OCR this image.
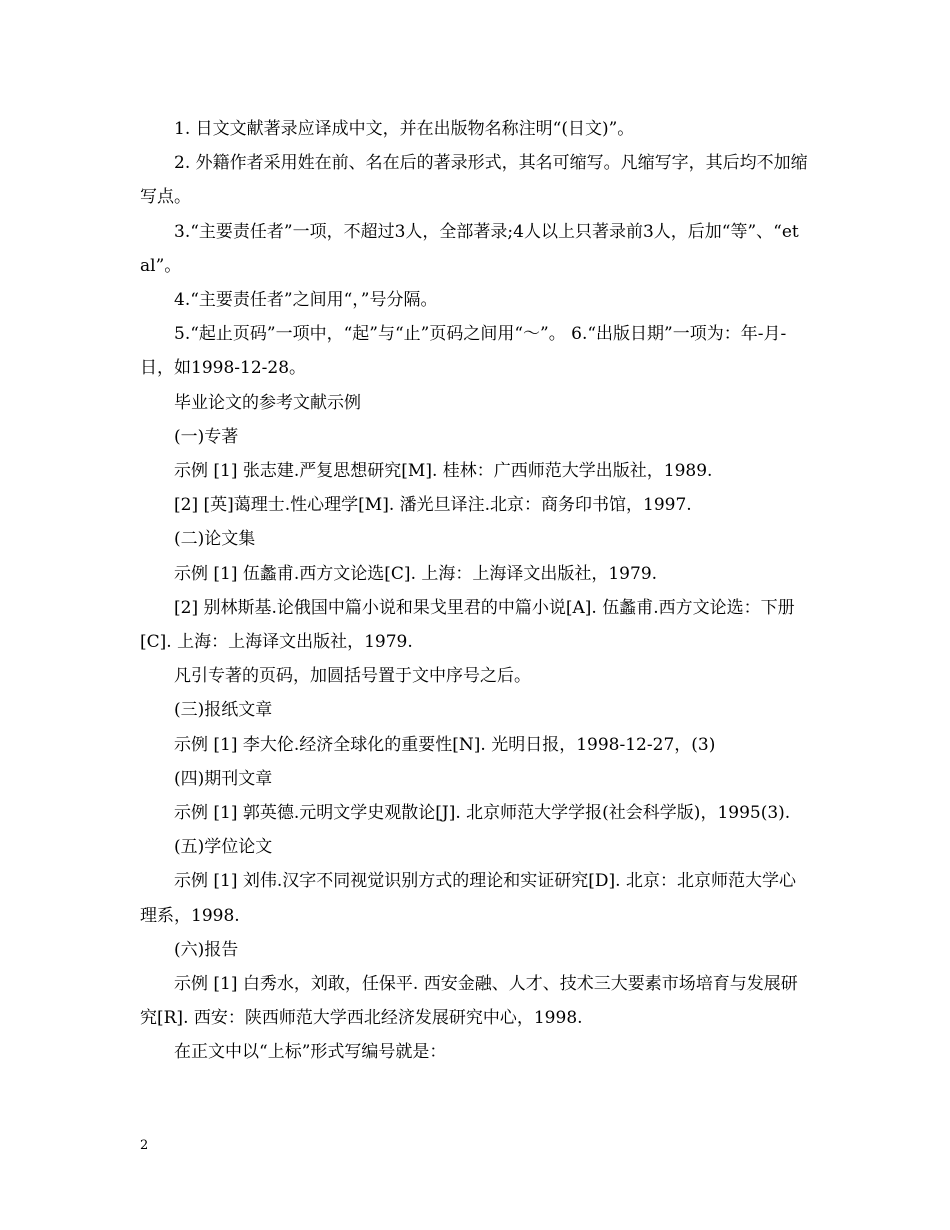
1. 日文文献著录应译成中文，并在出版物名称注明“(日文)”。

2. 外籍作者采用姓在前、名在后的著录形式，其名可缩写。凡缩写字，其后均不加缩写点。

3.“主要责任者”一项，不超过3人，全部著录;4人以上只著录前3人，后加“等”、“et al”。

4.“主要责任者”之间用“，”号分隔。

5.“起止页码”一项中，“起”与“止”页码之间用“～”。 6.“出版日期”一项为：年-月-日，如1998-12-28。

毕业论文的参考文献示例

(一)专著

示例 [1] 张志建.严复思想研究[M]. 桂林：广西师范大学出版社，1989.

[2] [英]蔼理士.性心理学[M]. 潘光旦译注.北京：商务印书馆，1997.

(二)论文集

示例 [1] 伍蠡甫.西方文论选[C]. 上海：上海译文出版社，1979.

[2] 别林斯基.论俄国中篇小说和果戈里君的中篇小说[A]. 伍蠡甫.西方文论选：下册[C]. 上海：上海译文出版社，1979.

凡引专著的页码，加圆括号置于文中序号之后。

(三)报纸文章

示例 [1] 李大伦.经济全球化的重要性[N]. 光明日报，1998-12-27，(3)

(四)期刊文章

示例 [1] 郭英德.元明文学史观散论[J]. 北京师范大学学报(社会科学版)，1995(3).

(五)学位论文

示例 [1] 刘伟.汉字不同视觉识别方式的理论和实证研究[D]. 北京：北京师范大学心理系，1998.

(六)报告

示例 [1] 白秀水，刘敢，任保平. 西安金融、人才、技术三大要素市场培育与发展研究[R]. 西安：陕西师范大学西北经济发展研究中心，1998.

在正文中以“上标”形式写编号就是：

2
